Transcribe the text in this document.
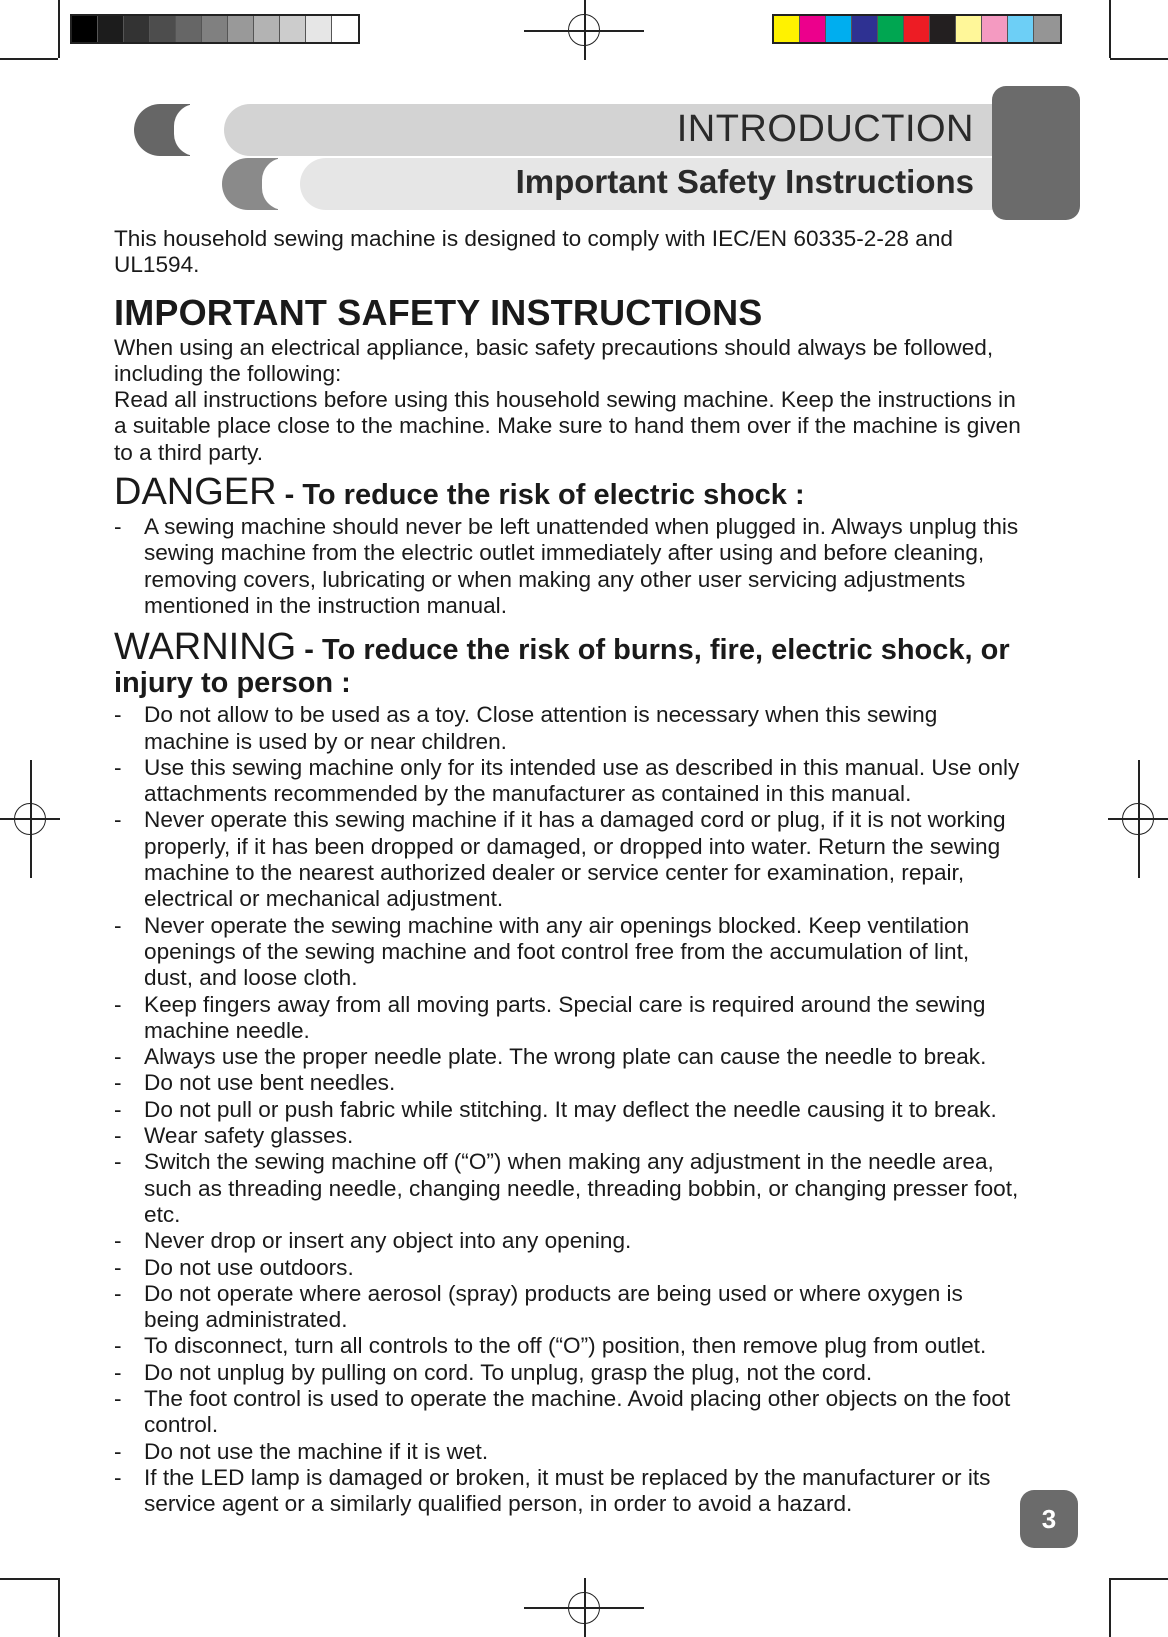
INTRODUCTION
Important Safety Instructions

This household sewing machine is designed to comply with IEC/EN 60335-2-28 and UL1594.

IMPORTANT SAFETY INSTRUCTIONS

When using an electrical appliance, basic safety precautions should always be followed, including the following:

Read all instructions before using this household sewing machine. Keep the instructions in a suitable place close to the machine. Make sure to hand them over if the machine is given to a third party.

DANGER - To reduce the risk of electric shock :
- A sewing machine should never be left unattended when plugged in. Always unplug this sewing machine from the electric outlet immediately after using and before cleaning, removing covers, lubricating or when making any other user servicing adjustments mentioned in the instruction manual.
WARNING - To reduce the risk of burns, fire, electric shock, or injury to person :
- Do not allow to be used as a toy. Close attention is necessary when this sewing machine is used by or near children.
- Use this sewing machine only for its intended use as described in this manual. Use only attachments recommended by the manufacturer as contained in this manual.
- Never operate this sewing machine if it has a damaged cord or plug, if it is not working properly, if it has been dropped or damaged, or dropped into water. Return the sewing machine to the nearest authorized dealer or service center for examination, repair, electrical or mechanical adjustment.
- Never operate the sewing machine with any air openings blocked. Keep ventilation openings of the sewing machine and foot control free from the accumulation of lint, dust, and loose cloth.
- Keep fingers away from all moving parts. Special care is required around the sewing machine needle.
- Always use the proper needle plate. The wrong plate can cause the needle to break.
- Do not use bent needles.
- Do not pull or push fabric while stitching. It may deflect the needle causing it to break.
- Wear safety glasses.
- Switch the sewing machine off (“O”) when making any adjustment in the needle area, such as threading needle, changing needle, threading bobbin, or changing presser foot, etc.
- Never drop or insert any object into any opening.
- Do not use outdoors.
- Do not operate where aerosol (spray) products are being used or where oxygen is being administrated.
- To disconnect, turn all controls to the off (“O”) position, then remove plug from outlet.
- Do not unplug by pulling on cord. To unplug, grasp the plug, not the cord.
- The foot control is used to operate the machine. Avoid placing other objects on the foot control.
- Do not use the machine if it is wet.
- If the LED lamp is damaged or broken, it must be replaced by the manufacturer or its service agent or a similarly qualified person, in order to avoid a hazard.	3
